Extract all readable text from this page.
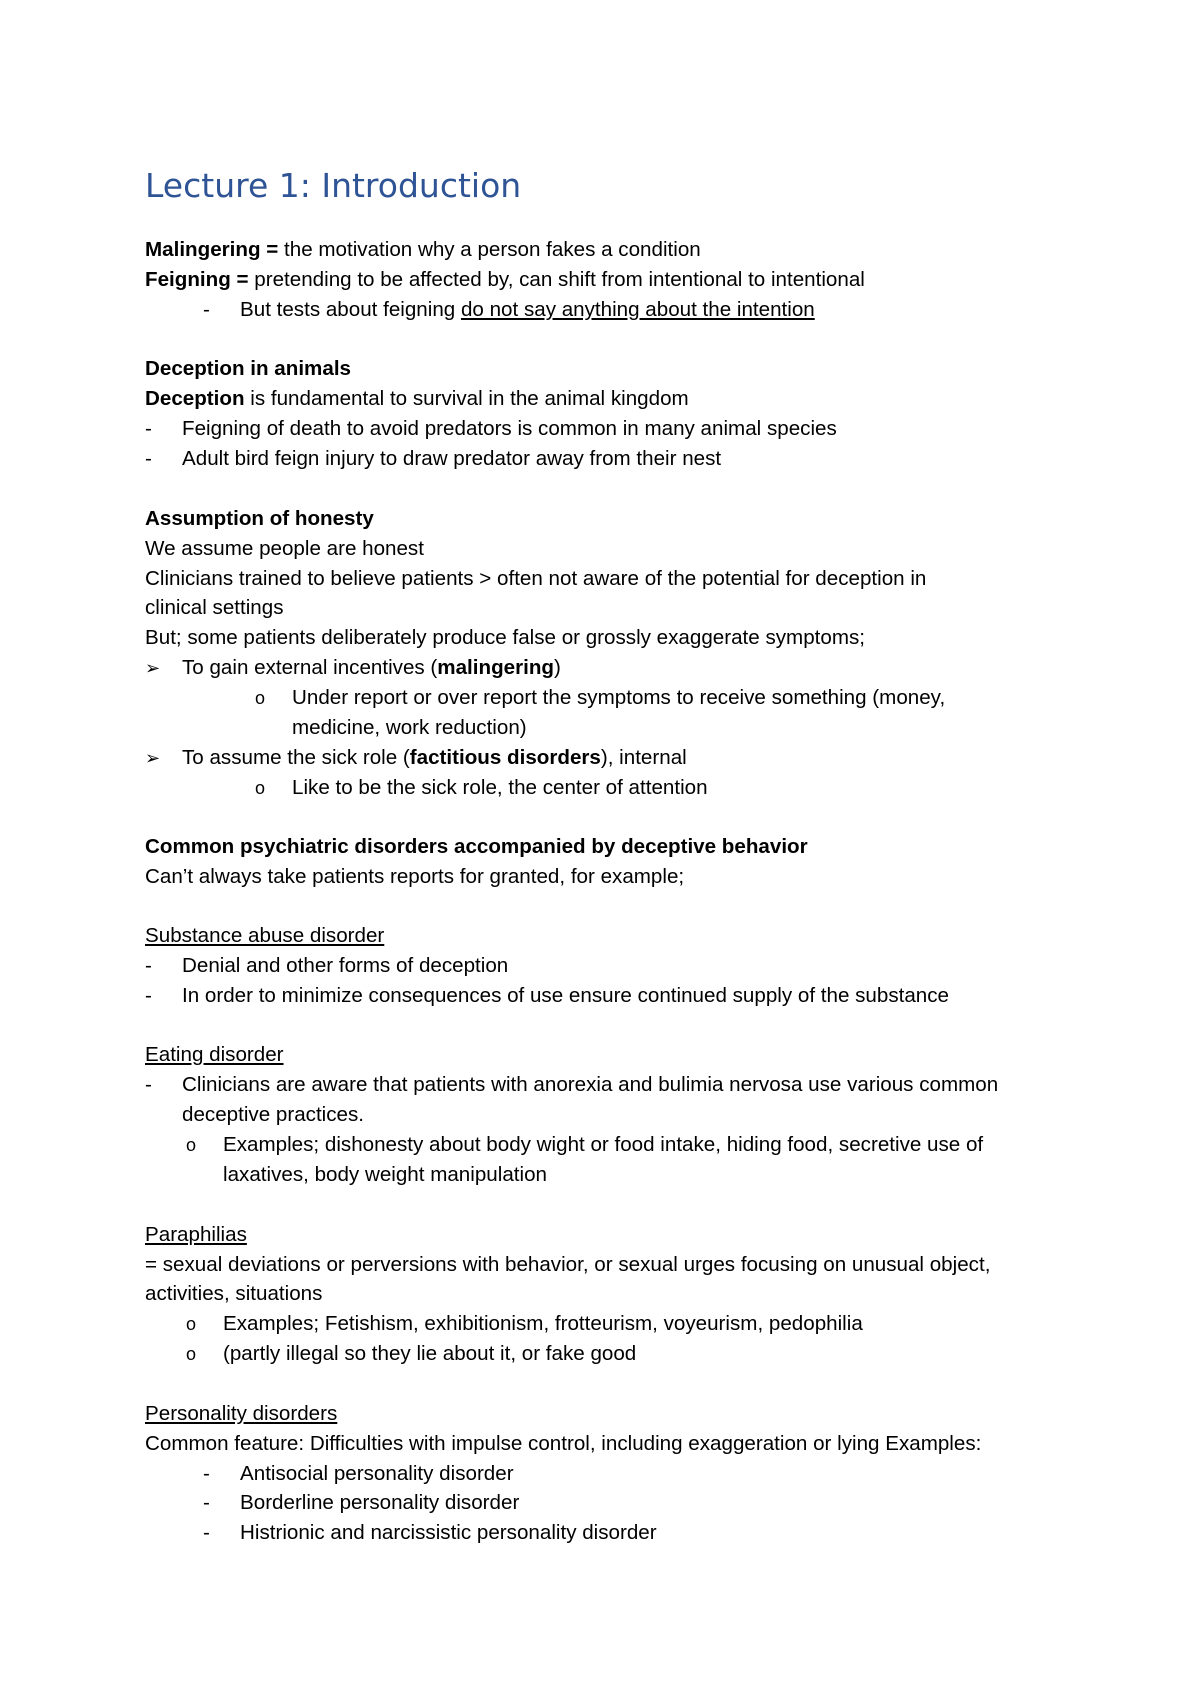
Lecture 1: Introduction
Malingering = the motivation why a person fakes a condition
Feigning = pretending to be affected by, can shift from intentional to intentional
- But tests about feigning do not say anything about the intention
Deception in animals
Deception is fundamental to survival in the animal kingdom
- Feigning of death to avoid predators is common in many animal species
- Adult bird feign injury to draw predator away from their nest
Assumption of honesty
We assume people are honest
Clinicians trained to believe patients > often not aware of the potential for deception in
clinical settings
But; some patients deliberately produce false or grossly exaggerate symptoms;
➢ To gain external incentives (malingering)
o Under report or over report the symptoms to receive something (money,
medicine, work reduction)
➢ To assume the sick role (factitious disorders), internal
o Like to be the sick role, the center of attention
Common psychiatric disorders accompanied by deceptive behavior
Can’t always take patients reports for granted, for example;
Substance abuse disorder
- Denial and other forms of deception
- In order to minimize consequences of use ensure continued supply of the substance
Eating disorder
- Clinicians are aware that patients with anorexia and bulimia nervosa use various common
deceptive practices.
o Examples; dishonesty about body wight or food intake, hiding food, secretive use of
laxatives, body weight manipulation
Paraphilias
= sexual deviations or perversions with behavior, or sexual urges focusing on unusual object,
activities, situations
o Examples; Fetishism, exhibitionism, frotteurism, voyeurism, pedophilia
o (partly illegal so they lie about it, or fake good
Personality disorders
Common feature: Difficulties with impulse control, including exaggeration or lying Examples:
- Antisocial personality disorder
- Borderline personality disorder
- Histrionic and narcissistic personality disorder
